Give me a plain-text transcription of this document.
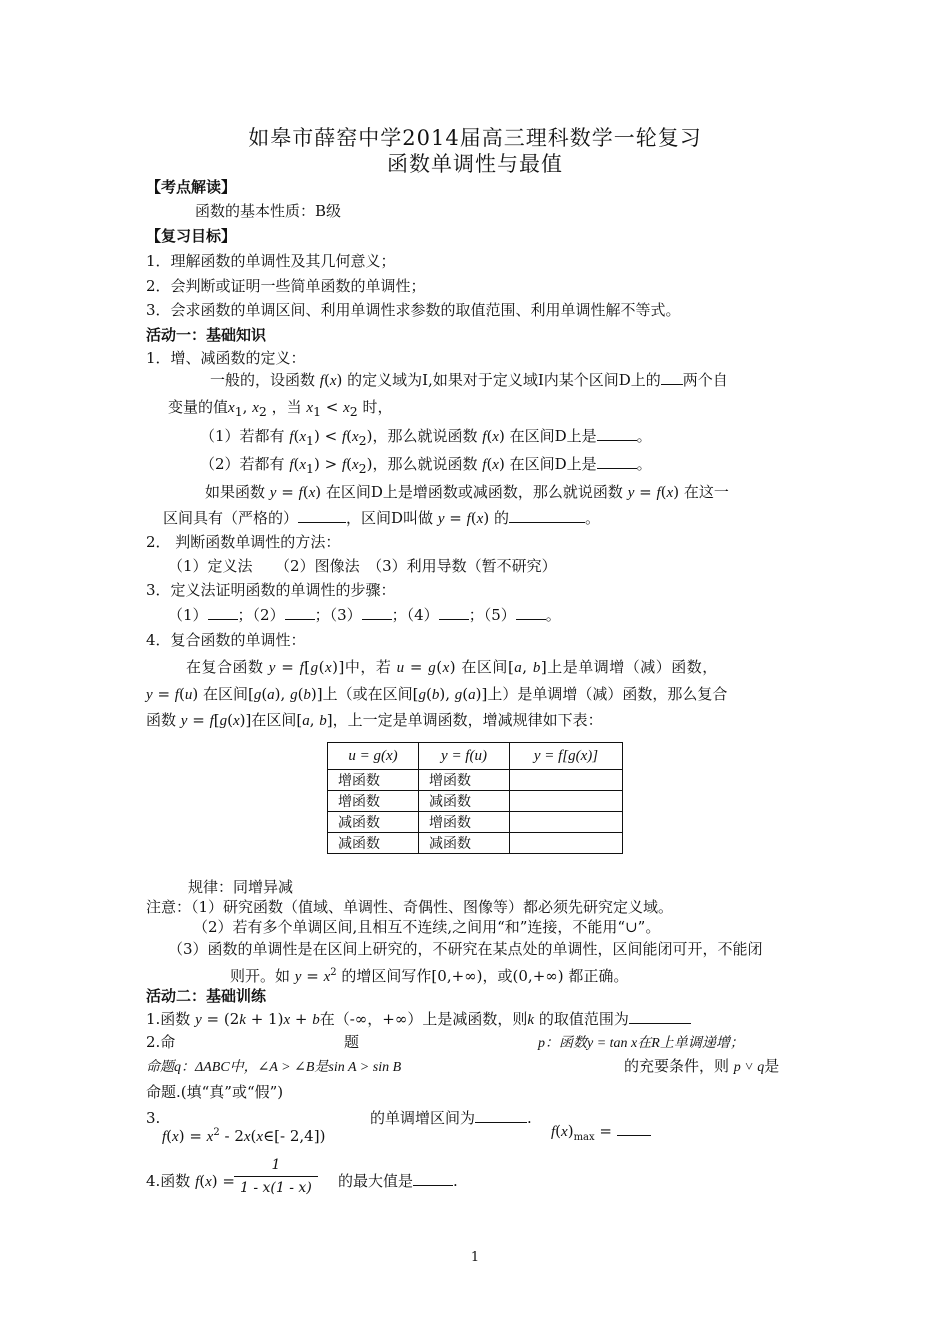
如皋市薛窑中学2014届高三理科数学一轮复习
函数单调性与最值
【考点解读】
函数的基本性质：B级
【复习目标】
1．理解函数的单调性及其几何意义；
2．会判断或证明一些简单函数的单调性；
3．会求函数的单调区间、利用单调性求参数的取值范围、利用单调性解不等式。
活动一：基础知识
1．增、减函数的定义：
一般的，设函数 f(x) 的定义域为I,如果对于定义域I内某个区间D上的 两个自
变量的值$x_1$, $x_2$ ，当 $x_1 < x_2$ 时，
（1）若都有 $f(x_1) < f(x_2)$，那么就说函数 f(x) 在区间D上是	。
（2）若都有 $f(x_1) > f(x_2)$，那么就说函数 f(x) 在区间D上是	。
如果函数 y = f(x) 在区间D上是增函数或减函数，那么就说函数 y = f(x) 在这一
区间具有（严格的）	，区间D叫做 y = f(x) 的	。
2． 判断函数单调性的方法：
（1）定义法　　（2）图像法　（3）利用导数（暂不研究）
3．定义法证明函数的单调性的步骤：
（1） ；（2） ；（3） ；（4） ；（5） 。
4．复合函数的单调性：
在复合函数 y = f[g(x)]中，若 u = g(x) 在区间[a, b]上是单调增（减）函数，
y = f(u) 在区间[g(a), g(b)]上（或在区间[g(b), g(a)]上）是单调增（减）函数，那么复合
函数 y = f[g(x)]在区间[a, b]，上一定是单调函数，增减规律如下表：
u = g(x)	y = f(u)	y = f[g(x)]
增函数	增函数	
增函数	减函数	
减函数	增函数	
减函数	减函数	
规律：同增异减
注意：（1）研究函数（值域、单调性、奇偶性、图像等）都必须先研究定义域。
（2）若有多个单调区间,且相互不连续,之间用“和”连接，不能用“∪”。
（3）函数的单调性是在区间上研究的，不研究在某点处的单调性，区间能闭可开，不能闭
则开。如 $y = x^2$ 的增区间写作[0,+∞)，或(0,+∞) 都正确。
活动二：基础训练
1.函数 y = (2k + 1)x + b在（-∞，+∞）上是减函数，则k 的取值范围为
2.命	题	p：函数y = tan x在R上单调递增；
命题q：ΔABC中，∠A > ∠B是sin A > sin B	的充要条件，则 p ˅ q是
命题.(填“真”或“假”)
3.
$f(x) = x^2$ - 2x(x∈[- 2,4])
的单调增区间为	.
$f(x)_{max}$ =
4.函数 $f(x) = \frac{1}{1 - x(1 - x)}$ 的最大值是	.
1
